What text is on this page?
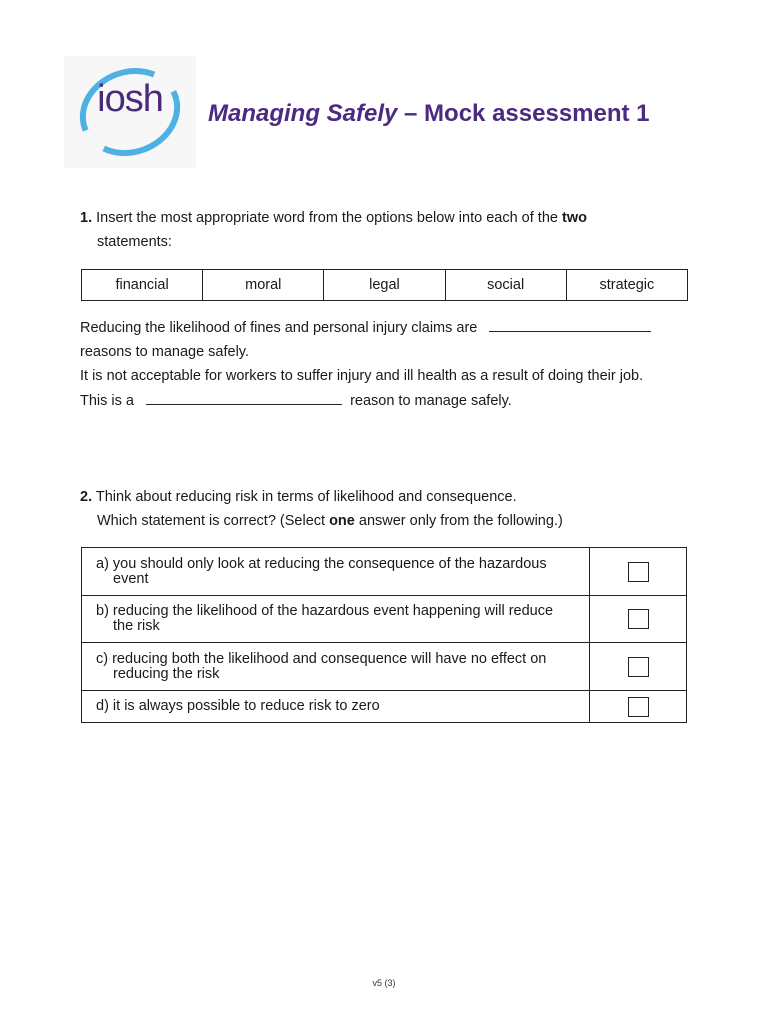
iosh	Managing Safely – Mock assessment 1
1. Insert the most appropriate word from the options below into each of the two
statements:
financial	moral	legal	social	strategic
Reducing the likelihood of fines and personal injury claims are
reasons to manage safely.
It is not acceptable for workers to suffer injury and ill health as a result of doing their job.
This is a	reason to manage safely.
2. Think about reducing risk in terms of likelihood and consequence.
Which statement is correct? (Select one answer only from the following.)
a) you should only look at reducing the consequence of the hazardous event	

b) reducing the likelihood of the hazardous event happening will reduce the risk	

c) reducing both the likelihood and consequence will have no effect on reducing the risk	

d) it is always possible to reduce risk to zero	

v5 (3)
